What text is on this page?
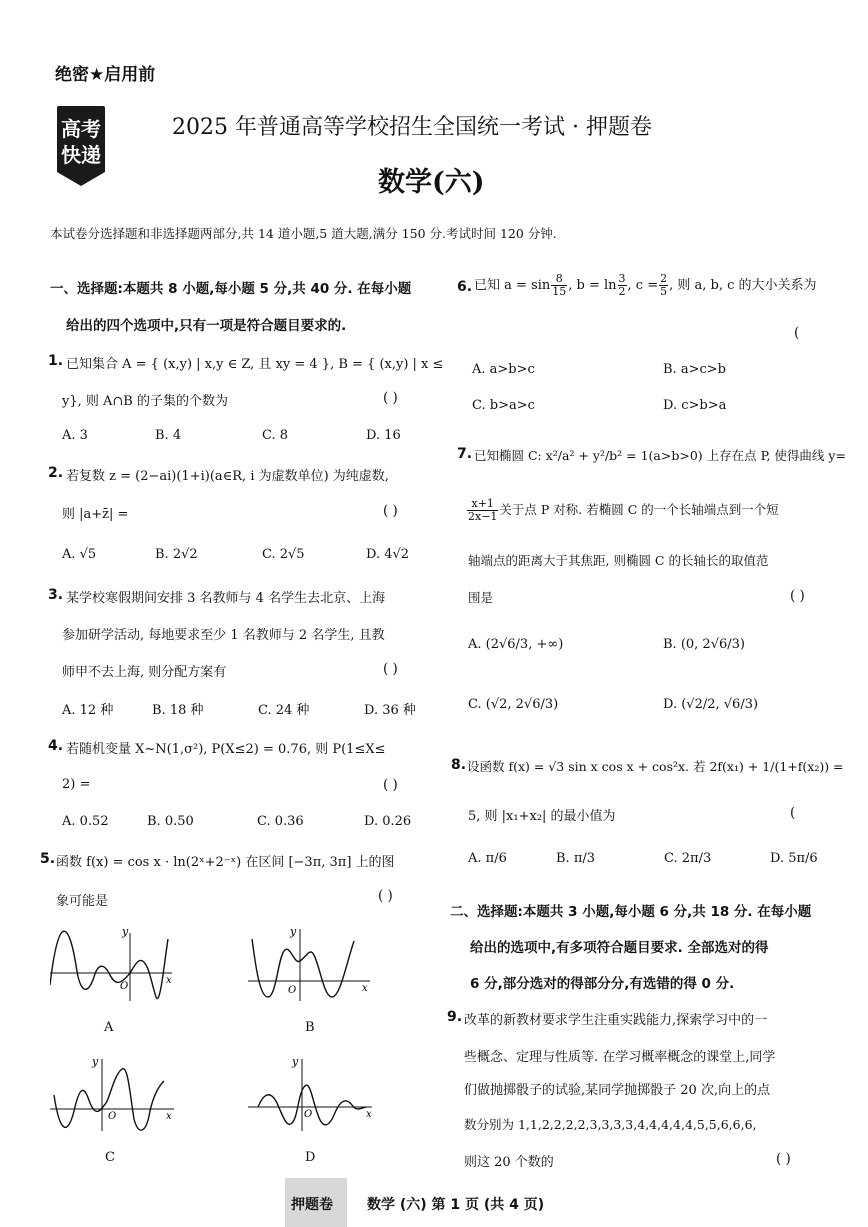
绝密★启用前
高考
快递
2025 年普通高等学校招生全国统一考试 · 押题卷
数学(六)
本试卷分选择题和非选择题两部分,共 14 道小题,5 道大题,满分 150 分.考试时间 120 分钟.
一、选择题:本题共 8 小题,每小题 5 分,共 40 分. 在每小题
给出的四个选项中,只有一项是符合题目要求的.
1. 已知集合 A = { (x,y) | x,y ∈ Z, 且 xy = 4 }, B = { (x,y) | x ≤
y}, 则 A∩B 的子集的个数为	( )
A. 3	B. 4	C. 8	D. 16
2. 若复数 z = (2−ai)(1+i)(a∈R, i 为虚数单位) 为纯虚数,
则 |a+z̄| =	( )
A. √5	B. 2√2	C. 2√5	D. 4√2
3. 某学校寒假期间安排 3 名教师与 4 名学生去北京、上海
参加研学活动, 每地要求至少 1 名教师与 2 名学生, 且教
师甲不去上海, 则分配方案有	( )
A. 12 种	B. 18 种	C. 24 种	D. 36 种
4. 若随机变量 X~N(1,σ²), P(X≤2) = 0.76, 则 P(1≤X≤
2) =	( )
A. 0.52	B. 0.50	C. 0.36	D. 0.26
5. 函数 f(x) = cos x · ln(2ˣ+2⁻ˣ) 在区间 [−3π, 3π] 上的图
象可能是	( )
y
x
O
A
y
x
O
B
y
x
O
C
y
x
O
D
6. 已知 $a = \sin \frac{8}{15}$ , $b = \ln \frac{3}{2}$ , $c = \frac{2}{5}$ , 则 a, b, c 的大小关系为
(
A. a>b>c	B. a>c>b
C. b>a>c	D. c>b>a
7. 已知椭圆 C: x²/a² + y²/b² = 1(a>b>0) 上存在点 P, 使得曲线 y=
$\frac{x+1}{2x-1}$ 关于点 P 对称. 若椭圆 C 的一个长轴端点到一个短
轴端点的距离大于其焦距, 则椭圆 C 的长轴长的取值范
围是	( )
A. (2√6/3, +∞)	B. (0, 2√6/3)
C. (√2, 2√6/3)	D. (√2/2, √6/3)
8. 设函数 f(x) = √3 sin x cos x + cos²x. 若 2f(x₁) + 1/(1+f(x₂)) =
5, 则 |x₁+x₂| 的最小值为	(
A. π/6	B. π/3	C. 2π/3	D. 5π/6
二、选择题:本题共 3 小题,每小题 6 分,共 18 分. 在每小题
给出的选项中,有多项符合题目要求. 全部选对的得
6 分,部分选对的得部分分,有选错的得 0 分.
9. 改革的新教材要求学生注重实践能力,探索学习中的一
些概念、定理与性质等. 在学习概率概念的课堂上,同学
们做抛掷骰子的试验,某同学抛掷骰子 20 次,向上的点
数分别为 1,1,2,2,2,2,3,3,3,3,4,4,4,4,4,5,5,6,6,6,
则这 20 个数的	( )
押题卷 数学 (六) 第 1 页 (共 4 页)
